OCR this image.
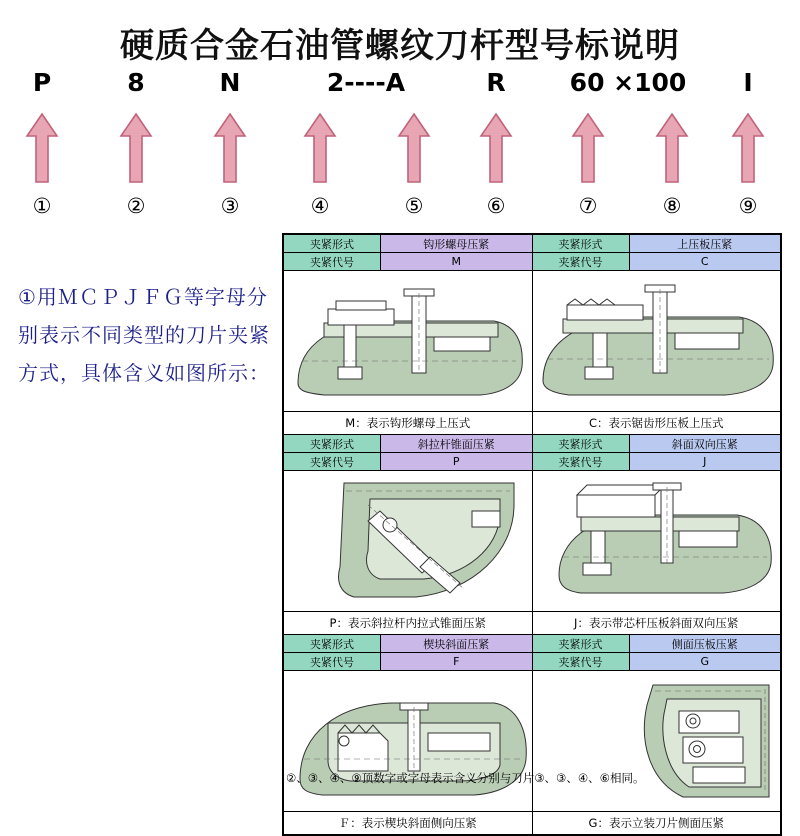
硬质合金石油管螺纹刀杆型号标说明
P	8	N	2----A	R	60 ×100 Ⅰ
①	②	③	④	⑤	⑥	⑦	⑧	⑨
①用ＭＣＰＪＦＧ等字母分别表示不同类型的刀片夹紧方式，具体含义如图所示：
夹紧形式	钩形螺母压紧	夹紧形式	上压板压紧
夹紧代号	M	夹紧代号	C

M：表示钩形螺母上压式		C：表示锯齿形压板上压式	
夹紧形式	斜拉杆锥面压紧	夹紧形式	斜面双向压紧
夹紧代号	P	夹紧代号	J

P：表示斜拉杆内拉式锥面压紧		J：表示带芯杆压板斜面双向压紧	
夹紧形式	楔块斜面压紧	夹紧形式	侧面压板压紧
夹紧代号	F	夹紧代号	G

Ｆ：表示楔块斜面侧向压紧		G：表示立装刀片侧面压紧	
②、③、④、⑨顶数字或字母表示含义分别与刀片③、③、④、⑥相同。
